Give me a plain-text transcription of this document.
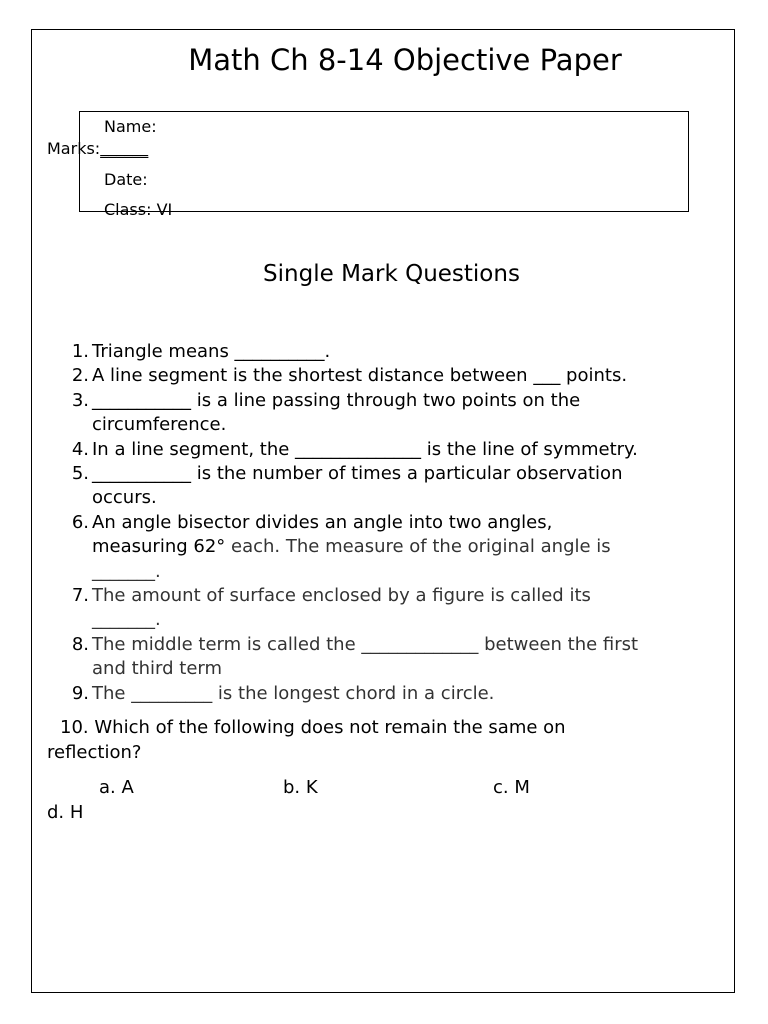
Math Ch 8-14 Objective Paper
Name:
Marks:______
Date:
Class: VI
Single Mark Questions
1. Triangle means __________.
2. A line segment is the shortest distance between ___ points.
3. ___________ is a line passing through two points on the
circumference.
4. In a line segment, the ______________ is the line of symmetry.
5. ___________ is the number of times a particular observation
occurs.
6. An angle bisector divides an angle into two angles,
measuring 62° each. The measure of the original angle is
_______.
7. The amount of surface enclosed by a figure is called its
_______.
8. The middle term is called the _____________ between the first
and third term
9. The _________ is the longest chord in a circle.
10. Which of the following does not remain the same on
reflection?
a. A	b. K	c. M
d. H
